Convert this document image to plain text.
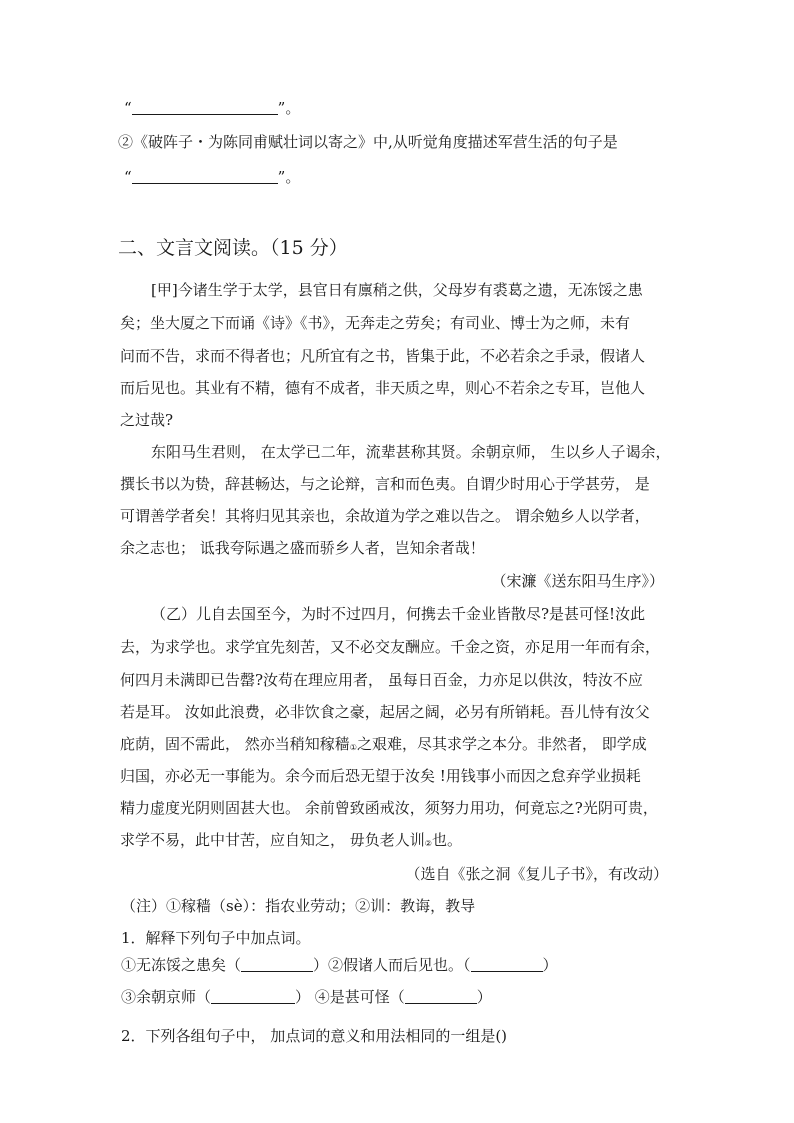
“	”。
②《破阵子・为陈同甫赋壮词以寄之》中,从听觉角度描述军营生活的句子是
“	”。
二、文言文阅读。（15 分）
[甲]今诸生学于太学，县官日有廪稍之供，父母岁有裘葛之遗，无冻馁之患
矣；坐大厦之下而诵《诗》《书》，无奔走之劳矣；有司业、博士为之师，未有
问而不告，求而不得者也；凡所宜有之书，皆集于此，不必若余之手录，假诸人
而后见也。其业有不精，德有不成者，非天质之卑，则心不若余之专耳，岂他人
之过哉?
东阳马生君则， 在太学已二年，流辈甚称其贤。余朝京师， 生以乡人子谒余，
撰长书以为贽，辞甚畅达，与之论辩，言和而色夷。自谓少时用心于学甚劳， 是
可谓善学者矣！其将归见其亲也，余故道为学之难以告之。 谓余勉乡人以学者，
余之志也； 诋我夸际遇之盛而骄乡人者，岂知余者哉！
（宋濂《送东阳马生序》）
（乙）儿自去国至今，为时不过四月，何携去千金业皆散尽?是甚可怪!汝此
去，为求学也。求学宜先刻苦，又不必交友酬应。千金之资，亦足用一年而有余，
何四月未满即已告罄?汝苟在理应用者， 虽每日百金，力亦足以供汝，特汝不应
若是耳。 汝如此浪费，必非饮食之豪，起居之阔，必另有所销耗。吾儿恃有汝父
庇荫，固不需此， 然亦当稍知稼穑①之艰难，尽其求学之本分。非然者， 即学成
归国，亦必无一事能为。余今而后恐无望于汝矣 !用钱事小而因之怠弃学业损耗
精力虚度光阴则固甚大也。 余前曾致函戒汝，须努力用功，何竟忘之?光阴可贵，
求学不易，此中甘苦，应自知之， 毋负老人训②也。
（选自《张之洞《复儿子书》，有改动）
（注）①稼穑（sè）：指农业劳动；②训：教诲，教导
1．解释下列句子中加点词。
①无冻馁之患矣（	）②假诸人而后见也。（	）
③余朝京师（	） ④是甚可怪（	）
2．下列各组句子中， 加点词的意义和用法相同的一组是()
